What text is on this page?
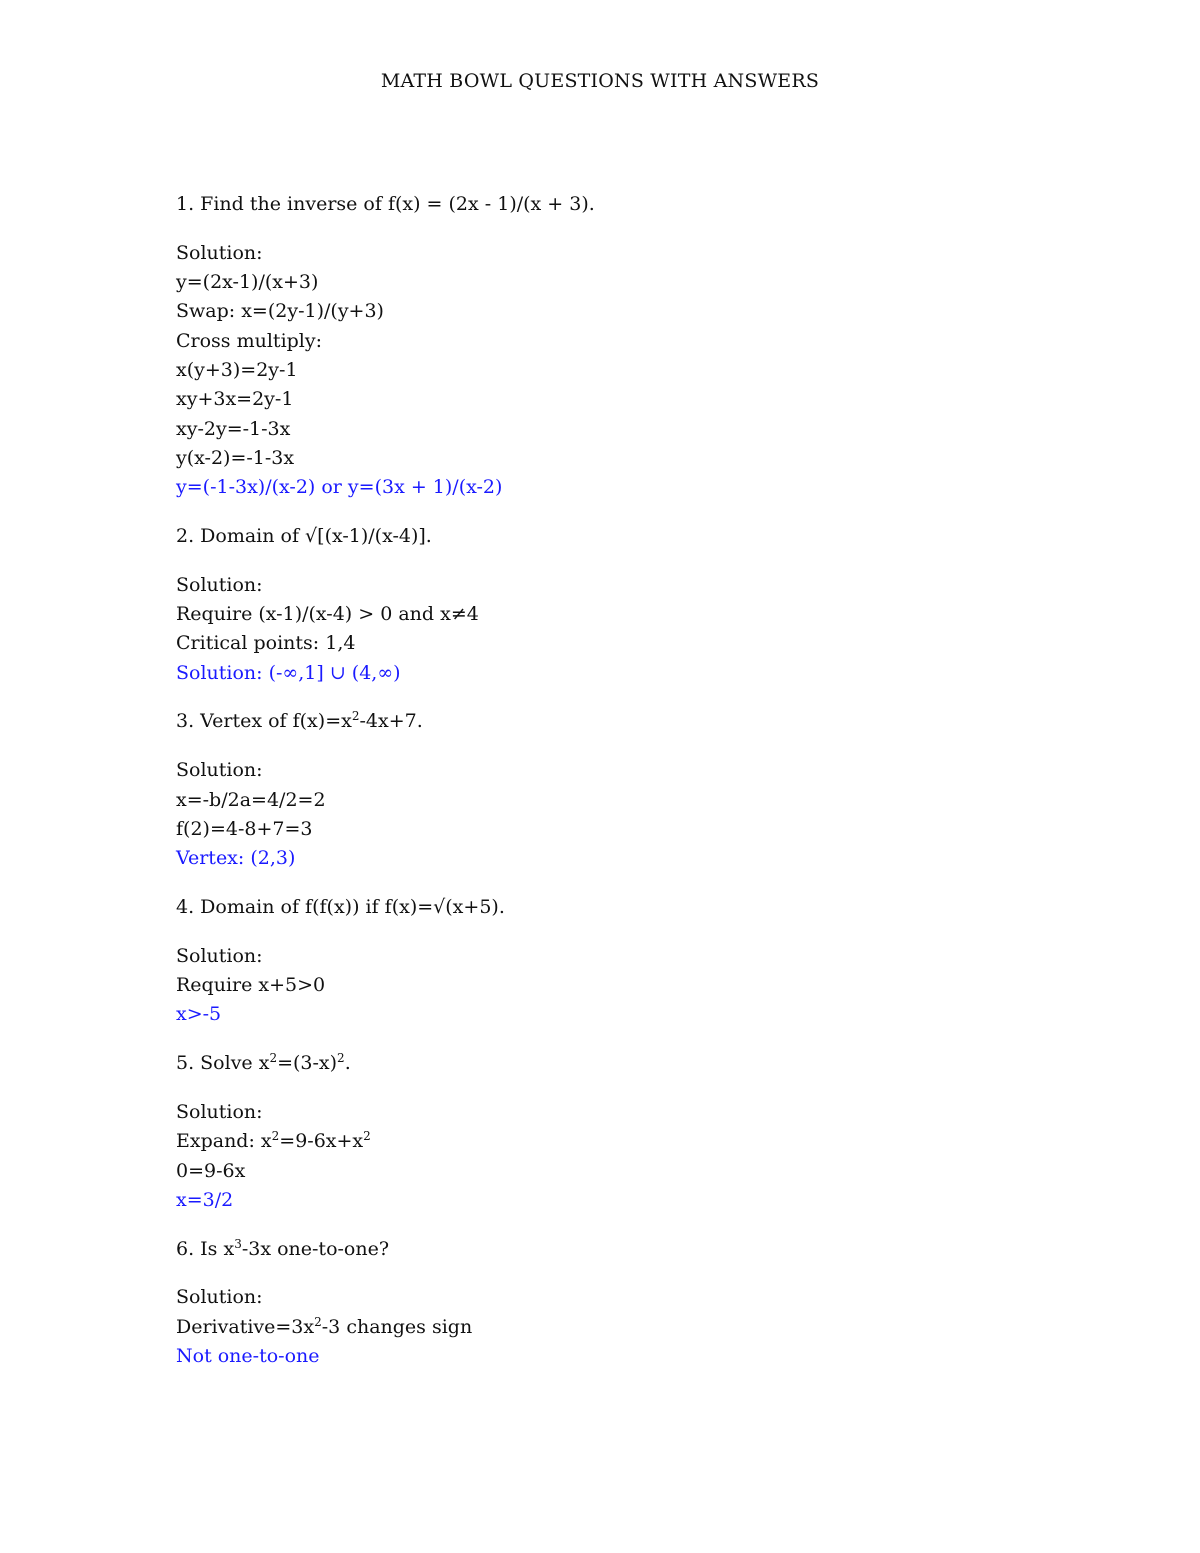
MATH BOWL QUESTIONS WITH ANSWERS
1. Find the inverse of f(x) = (2x - 1)/(x + 3).
Solution:
y=(2x-1)/(x+3)
Swap: x=(2y-1)/(y+3)
Cross multiply:
x(y+3)=2y-1
xy+3x=2y-1
xy-2y=-1-3x
y(x-2)=-1-3x
y=(-1-3x)/(x-2) or y=(3x + 1)/(x-2)
2. Domain of √[(x-1)/(x-4)].
Solution:
Require (x-1)/(x-4) > 0 and x≠4
Critical points: 1,4
Solution: (-∞,1] ∪ (4,∞)
3. Vertex of $f(x)=x^2-4x+7$.
Solution:
x=-b/2a=4/2=2
f(2)=4-8+7=3
Vertex: (2,3)
4. Domain of f(f(x)) if f(x)=√(x+5).
Solution:
Require x+5>0
x>-5
5. Solve $x^2=(3-x)^2$.
Solution:
Expand: $x^2=9-6x+x^2$
0=9-6x
x=3/2
6. Is $x^3-3x$ one-to-one?
Solution:
$Derivative=3x^2-3$ changes sign
Not one-to-one
